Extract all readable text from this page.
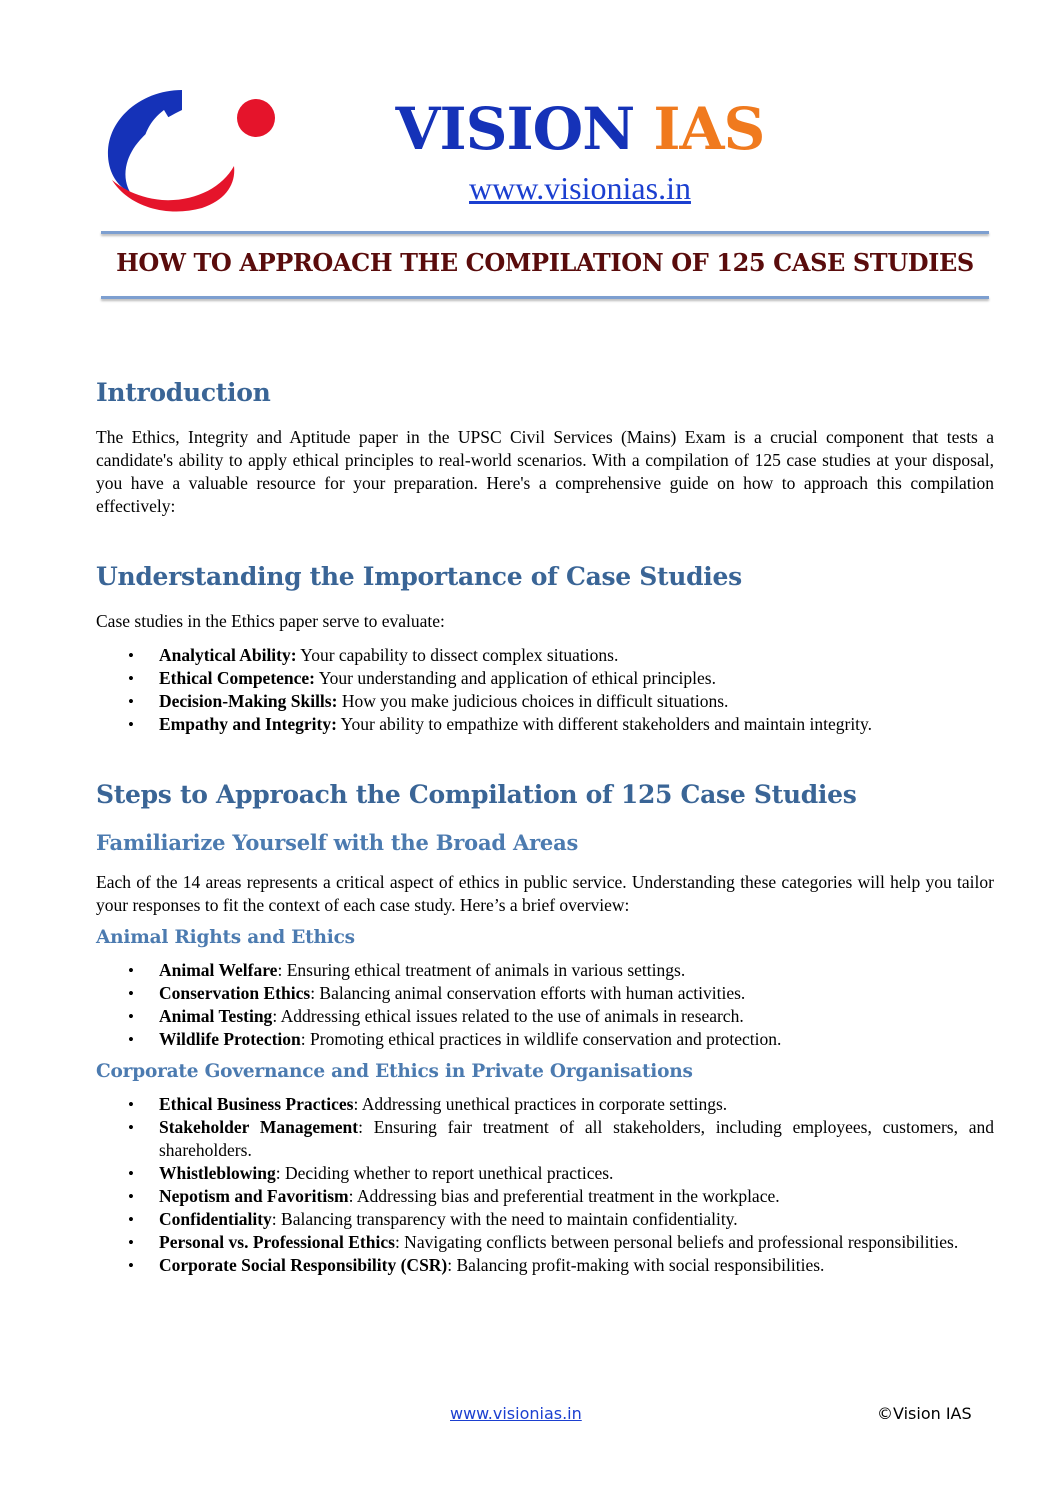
VISION IAS
www.visionias.in
HOW TO APPROACH THE COMPILATION OF 125 CASE STUDIES
Introduction

The Ethics, Integrity and Aptitude paper in the UPSC Civil Services (Mains) Exam is a crucial component that tests a candidate's ability to apply ethical principles to real-world scenarios. With a compilation of 125 case studies at your disposal, you have a valuable resource for your preparation. Here's a comprehensive guide on how to approach this compilation effectively:

Understanding the Importance of Case Studies

Case studies in the Ethics paper serve to evaluate:

• Analytical Ability: Your capability to dissect complex situations.
• Ethical Competence: Your understanding and application of ethical principles.
• Decision-Making Skills: How you make judicious choices in difficult situations.
• Empathy and Integrity: Your ability to empathize with different stakeholders and maintain integrity.
Steps to Approach the Compilation of 125 Case Studies
Familiarize Yourself with the Broad Areas

Each of the 14 areas represents a critical aspect of ethics in public service. Understanding these categories will help you tailor your responses to fit the context of each case study. Here’s a brief overview:

Animal Rights and Ethics
• Animal Welfare: Ensuring ethical treatment of animals in various settings.
• Conservation Ethics: Balancing animal conservation efforts with human activities.
• Animal Testing: Addressing ethical issues related to the use of animals in research.
• Wildlife Protection: Promoting ethical practices in wildlife conservation and protection.
Corporate Governance and Ethics in Private Organisations
• Ethical Business Practices: Addressing unethical practices in corporate settings.
• Stakeholder Management: Ensuring fair treatment of all stakeholders, including employees, customers, and shareholders.
• Whistleblowing: Deciding whether to report unethical practices.
• Nepotism and Favoritism: Addressing bias and preferential treatment in the workplace.
• Confidentiality: Balancing transparency with the need to maintain confidentiality.
• Personal vs. Professional Ethics: Navigating conflicts between personal beliefs and professional responsibilities.
• Corporate Social Responsibility (CSR): Balancing profit-making with social responsibilities.
www.visionias.in	©Vision IAS
